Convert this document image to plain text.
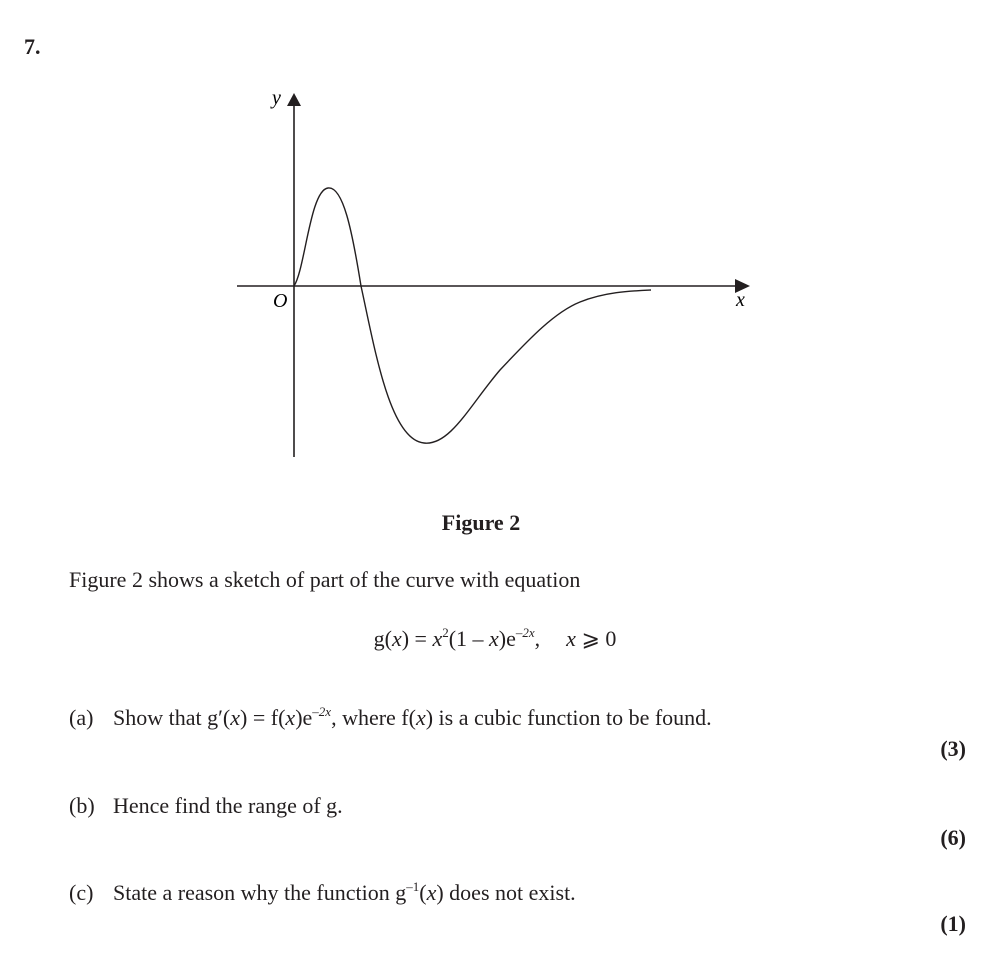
7.
y
x
O
Figure 2
Figure 2 shows a sketch of part of the curve with equation
$g(x) = x^2(1 - x)e^{-2x}$, x ⩾ 0
(a) Show that $g'(x) = f(x)e^{-2x}$, where f(x) is a cubic function to be found.
(3)
(b) Hence find the range of g.
(6)
(c) State a reason why the function $g^{-1}(x)$ does not exist.
(1)
